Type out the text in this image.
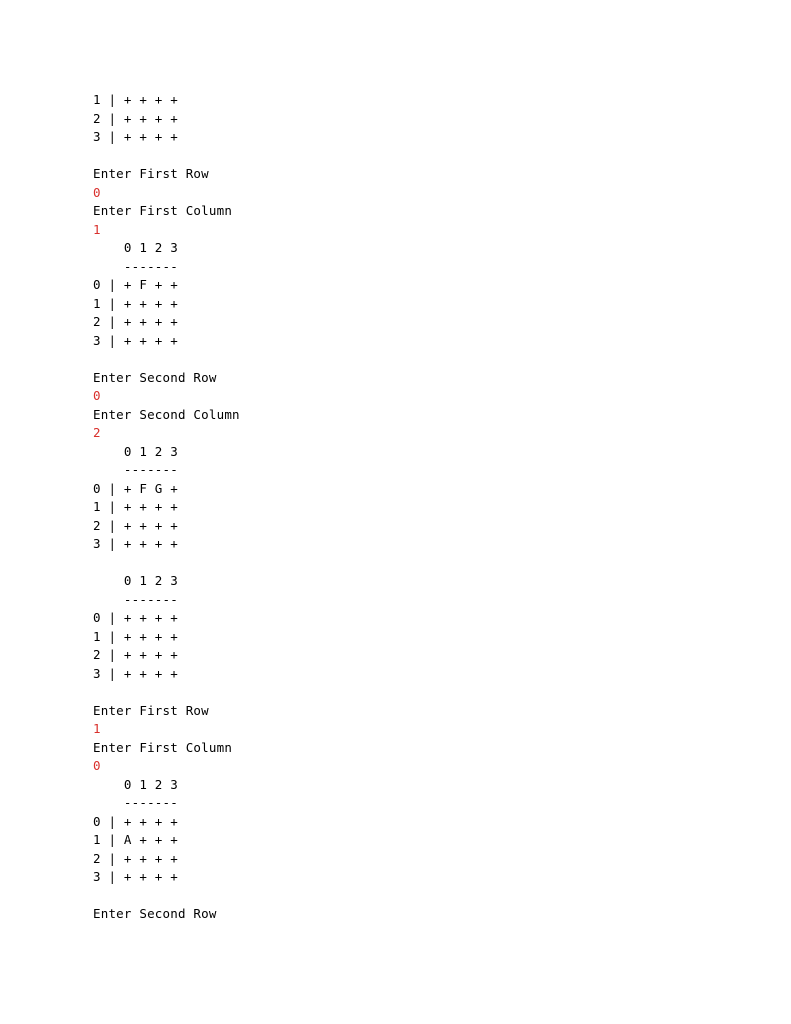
1 | + + + +
2 | + + + +
3 | + + + +
Enter First Row
0
Enter First Column
1
0 1 2 3
-------
0 | + F + +
1 | + + + +
2 | + + + +
3 | + + + +
Enter Second Row
0
Enter Second Column
2
0 1 2 3
-------
0 | + F G +
1 | + + + +
2 | + + + +
3 | + + + +
0 1 2 3
-------
0 | + + + +
1 | + + + +
2 | + + + +
3 | + + + +
Enter First Row
1
Enter First Column
0
0 1 2 3
-------
0 | + + + +
1 | A + + +
2 | + + + +
3 | + + + +
Enter Second Row
